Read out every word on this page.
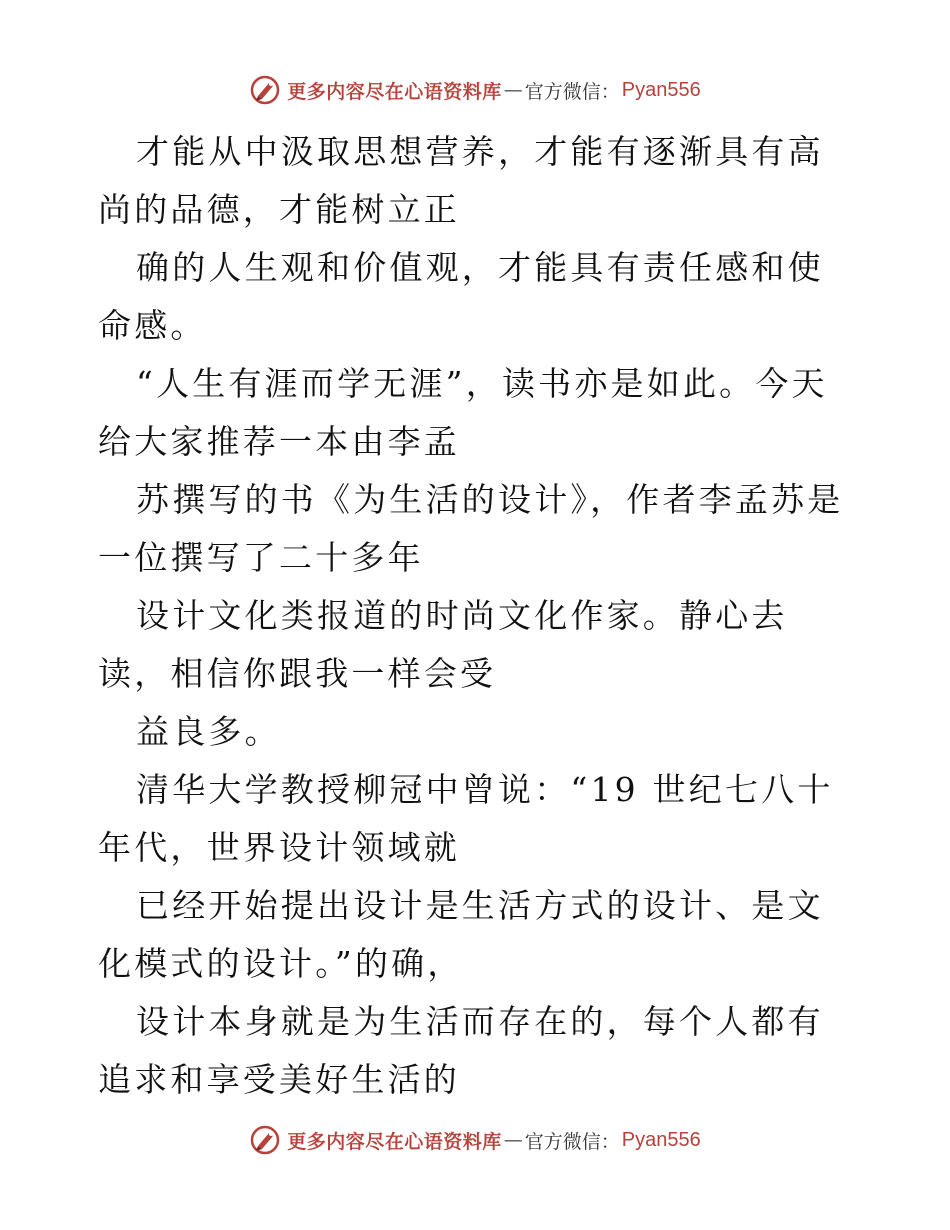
更多内容尽在心语资料库 — 官方微信： Pyan556

才能从中汲取思想营养，才能有逐渐具有高尚的品德，才能树立正

确的人生观和价值观，才能具有责任感和使命感。

“人生有涯而学无涯”，读书亦是如此。今天给大家推荐一本由李孟

苏撰写的书《为生活的设计》，作者李孟苏是一位撰写了二十多年

设计文化类报道的时尚文化作家。静心去读，相信你跟我一样会受

益良多。

清华大学教授柳冠中曾说：“19 世纪七八十年代，世界设计领域就

已经开始提出设计是生活方式的设计、是文化模式的设计。”的确，

设计本身就是为生活而存在的，每个人都有追求和享受美好生活的

更多内容尽在心语资料库 — 官方微信： Pyan556
